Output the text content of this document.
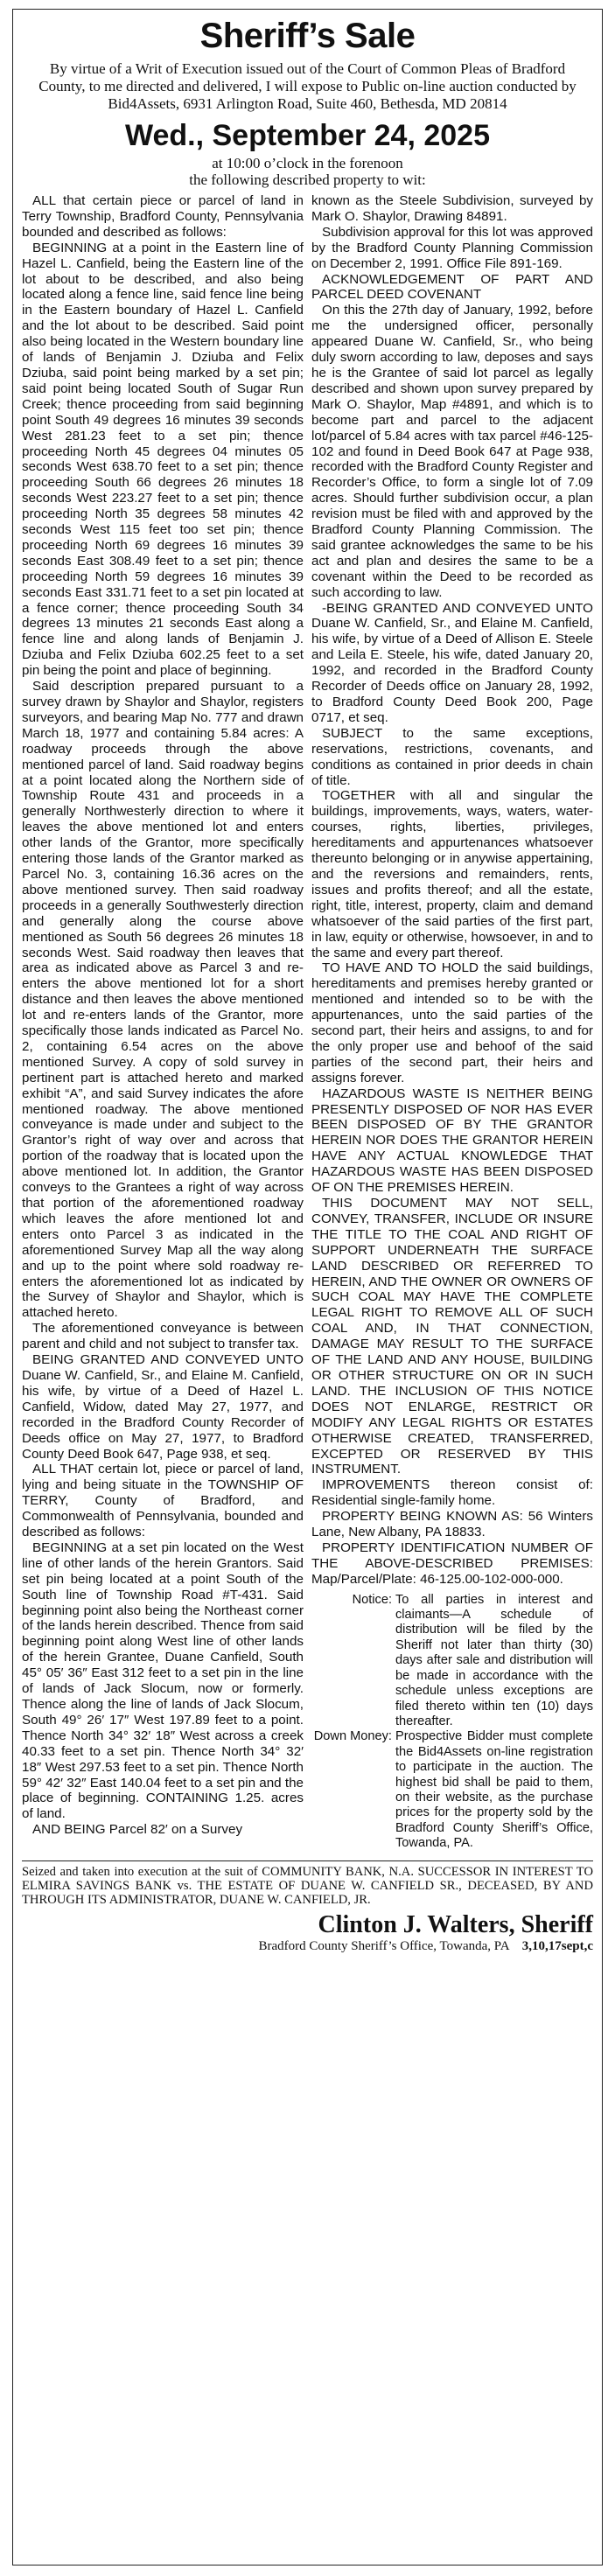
Sheriff’s Sale
By virtue of a Writ of Execution issued out of the Court of Common Pleas of Bradford County, to me directed and delivered, I will expose to Public on-line auction conducted by Bid4Assets, 6931 Arlington Road, Suite 460, Bethesda, MD 20814
Wed., September 24, 2025
at 10:00 o’clock in the forenoon
the following described property to wit:

ALL that certain piece or parcel of land in Terry Township, Bradford County, Pennsylvania bounded and described as follows:

BEGINNING at a point in the Eastern line of Hazel L. Canfield, being the Eastern line of the lot about to be described, and also being located along a fence line, said fence line being in the Eastern boundary of Hazel L. Canfield and the lot about to be described. Said point also being located in the Western boundary line of lands of Benjamin J. Dziuba and Felix Dziuba, said point being marked by a set pin; said point being located South of Sugar Run Creek; thence proceeding from said beginning point South 49 degrees 16 minutes 39 seconds West 281.23 feet to a set pin; thence proceeding North 45 degrees 04 minutes 05 seconds West 638.70 feet to a set pin; thence proceeding South 66 degrees 26 minutes 18 seconds West 223.27 feet to a set pin; thence proceeding North 35 degrees 58 minutes 42 seconds West 115 feet too set pin; thence proceeding North 69 degrees 16 minutes 39 seconds East 308.49 feet to a set pin; thence proceeding North 59 degrees 16 minutes 39 seconds East 331.71 feet to a set pin located at a fence corner; thence proceeding South 34 degrees 13 minutes 21 seconds East along a fence line and along lands of Benjamin J. Dziuba and Felix Dziuba 602.25 feet to a set pin being the point and place of beginning.

Said description prepared pursuant to a survey drawn by Shaylor and Shaylor, registers surveyors, and bearing Map No. 777 and drawn March 18, 1977 and containing 5.84 acres: A roadway proceeds through the above mentioned parcel of land. Said roadway begins at a point located along the Northern side of Township Route 431 and proceeds in a generally Northwesterly direction to where it leaves the above mentioned lot and enters other lands of the Grantor, more specifically entering those lands of the Grantor marked as Parcel No. 3, containing 16.36 acres on the above mentioned survey. Then said roadway proceeds in a generally Southwesterly direction and generally along the course above mentioned as South 56 degrees 26 minutes 18 seconds West. Said roadway then leaves that area as indicated above as Parcel 3 and re-enters the above mentioned lot for a short distance and then leaves the above mentioned lot and re-enters lands of the Grantor, more specifically those lands indicated as Parcel No. 2, containing 6.54 acres on the above mentioned Survey. A copy of sold survey in pertinent part is attached hereto and marked exhibit “A”, and said Survey indicates the afore mentioned roadway. The above mentioned conveyance is made under and subject to the Grantor’s right of way over and across that portion of the roadway that is located upon the above mentioned lot. In addition, the Grantor conveys to the Grantees a right of way across that portion of the aforementioned roadway which leaves the afore mentioned lot and enters onto Parcel 3 as indicated in the aforementioned Survey Map all the way along and up to the point where sold roadway re-enters the aforementioned lot as indicated by the Survey of Shaylor and Shaylor, which is attached hereto.

The aforementioned conveyance is between parent and child and not subject to transfer tax.

BEING GRANTED AND CONVEYED UNTO Duane W. Canfield, Sr., and Elaine M. Canfield, his wife, by virtue of a Deed of Hazel L. Canfield, Widow, dated May 27, 1977, and recorded in the Bradford County Recorder of Deeds office on May 27, 1977, to Bradford County Deed Book 647, Page 938, et seq.

ALL THAT certain lot, piece or parcel of land, lying and being situate in the TOWNSHIP OF TERRY, County of Bradford, and Commonwealth of Pennsylvania, bounded and described as follows:

BEGINNING at a set pin located on the West line of other lands of the herein Grantors. Said set pin being located at a point South of the South line of Township Road #T-431. Said beginning point also being the Northeast corner of the lands herein described. Thence from said beginning point along West line of other lands of the herein Grantee, Duane Canfield, South 45° 05′ 36″ East 312 feet to a set pin in the line of lands of Jack Slocum, now or formerly. Thence along the line of lands of Jack Slocum, South 49° 26′ 17″ West 197.89 feet to a point. Thence North 34° 32′ 18″ West across a creek 40.33 feet to a set pin. Thence North 34° 32′ 18″ West 297.53 feet to a set pin. Thence North 59° 42′ 32″ East 140.04 feet to a set pin and the place of beginning. CONTAINING 1.25. acres of land.

AND BEING Parcel 82′ on a Survey

known as the Steele Subdivision, surveyed by Mark O. Shaylor, Drawing 84891.

Subdivision approval for this lot was approved by the Bradford County Planning Commission on December 2, 1991. Office File 891-169.

ACKNOWLEDGEMENT OF PART AND PARCEL DEED COVENANT

On this the 27th day of January, 1992, before me the undersigned officer, personally appeared Duane W. Canfield, Sr., who being duly sworn according to law, deposes and says he is the Grantee of said lot parcel as legally described and shown upon survey prepared by Mark O. Shaylor, Map #4891, and which is to become part and parcel to the adjacent lot/parcel of 5.84 acres with tax parcel #46-125-102 and found in Deed Book 647 at Page 938, recorded with the Bradford County Register and Recorder’s Office, to form a single lot of 7.09 acres. Should further subdivision occur, a plan revision must be filed with and approved by the Bradford County Planning Commission. The said grantee acknowledges the same to be his act and plan and desires the same to be a covenant within the Deed to be recorded as such according to law.

-BEING GRANTED AND CONVEYED UNTO Duane W. Canfield, Sr., and Elaine M. Canfield, his wife, by virtue of a Deed of Allison E. Steele and Leila E. Steele, his wife, dated January 20, 1992, and recorded in the Bradford County Recorder of Deeds office on January 28, 1992, to Bradford County Deed Book 200, Page 0717, et seq.

SUBJECT to the same exceptions, reservations, restrictions, covenants, and conditions as contained in prior deeds in chain of title.

TOGETHER with all and singular the buildings, improvements, ways, waters, water-courses, rights, liberties, privileges, hereditaments and appurtenances whatsoever thereunto belonging or in anywise appertaining, and the reversions and remainders, rents, issues and profits thereof; and all the estate, right, title, interest, property, claim and demand whatsoever of the said parties of the first part, in law, equity or otherwise, howsoever, in and to the same and every part thereof.

TO HAVE AND TO HOLD the said buildings, hereditaments and premises hereby granted or mentioned and intended so to be with the appurtenances, unto the said parties of the second part, their heirs and assigns, to and for the only proper use and behoof of the said parties of the second part, their heirs and assigns forever.

HAZARDOUS WASTE IS NEITHER BEING PRESENTLY DISPOSED OF NOR HAS EVER BEEN DISPOSED OF BY THE GRANTOR HEREIN NOR DOES THE GRANTOR HEREIN HAVE ANY ACTUAL KNOWLEDGE THAT HAZARDOUS WASTE HAS BEEN DISPOSED OF ON THE PREMISES HEREIN.

THIS DOCUMENT MAY NOT SELL, CONVEY, TRANSFER, INCLUDE OR INSURE THE TITLE TO THE COAL AND RIGHT OF SUPPORT UNDERNEATH THE SURFACE LAND DESCRIBED OR REFERRED TO HEREIN, AND THE OWNER OR OWNERS OF SUCH COAL MAY HAVE THE COMPLETE LEGAL RIGHT TO REMOVE ALL OF SUCH COAL AND, IN THAT CONNECTION, DAMAGE MAY RESULT TO THE SURFACE OF THE LAND AND ANY HOUSE, BUILDING OR OTHER STRUCTURE ON OR IN SUCH LAND. THE INCLUSION OF THIS NOTICE DOES NOT ENLARGE, RESTRICT OR MODIFY ANY LEGAL RIGHTS OR ESTATES OTHERWISE CREATED, TRANSFERRED, EXCEPTED OR RESERVED BY THIS INSTRUMENT.

IMPROVEMENTS thereon consist of: Residential single-family home.

PROPERTY BEING KNOWN AS: 56 Winters Lane, New Albany, PA 18833.

PROPERTY IDENTIFICATION NUMBER OF THE ABOVE-DESCRIBED PREMISES: Map/Parcel/Plate: 46-125.00-102-000-000.

Notice: To all parties in interest and claimants—A schedule of distribution will be filed by the Sheriff not later than thirty (30) days after sale and distribution will be made in accordance with the schedule unless exceptions are filed thereto within ten (10) days thereafter.
Down Money: Prospective Bidder must complete the Bid4Assets on-line registration to participate in the auction. The highest bid shall be paid to them, on their website, as the purchase prices for the property sold by the Bradford County Sheriff’s Office, Towanda, PA.
Seized and taken into execution at the suit of COMMUNITY BANK, N.A. SUCCESSOR IN INTEREST TO ELMIRA SAVINGS BANK vs. THE ESTATE OF DUANE W. CANFIELD SR., DECEASED, BY AND THROUGH ITS ADMINISTRATOR, DUANE W. CANFIELD, JR.
Clinton J. Walters, Sheriff
Bradford County Sheriff’s Office, Towanda, PA 3,10,17sept,c
